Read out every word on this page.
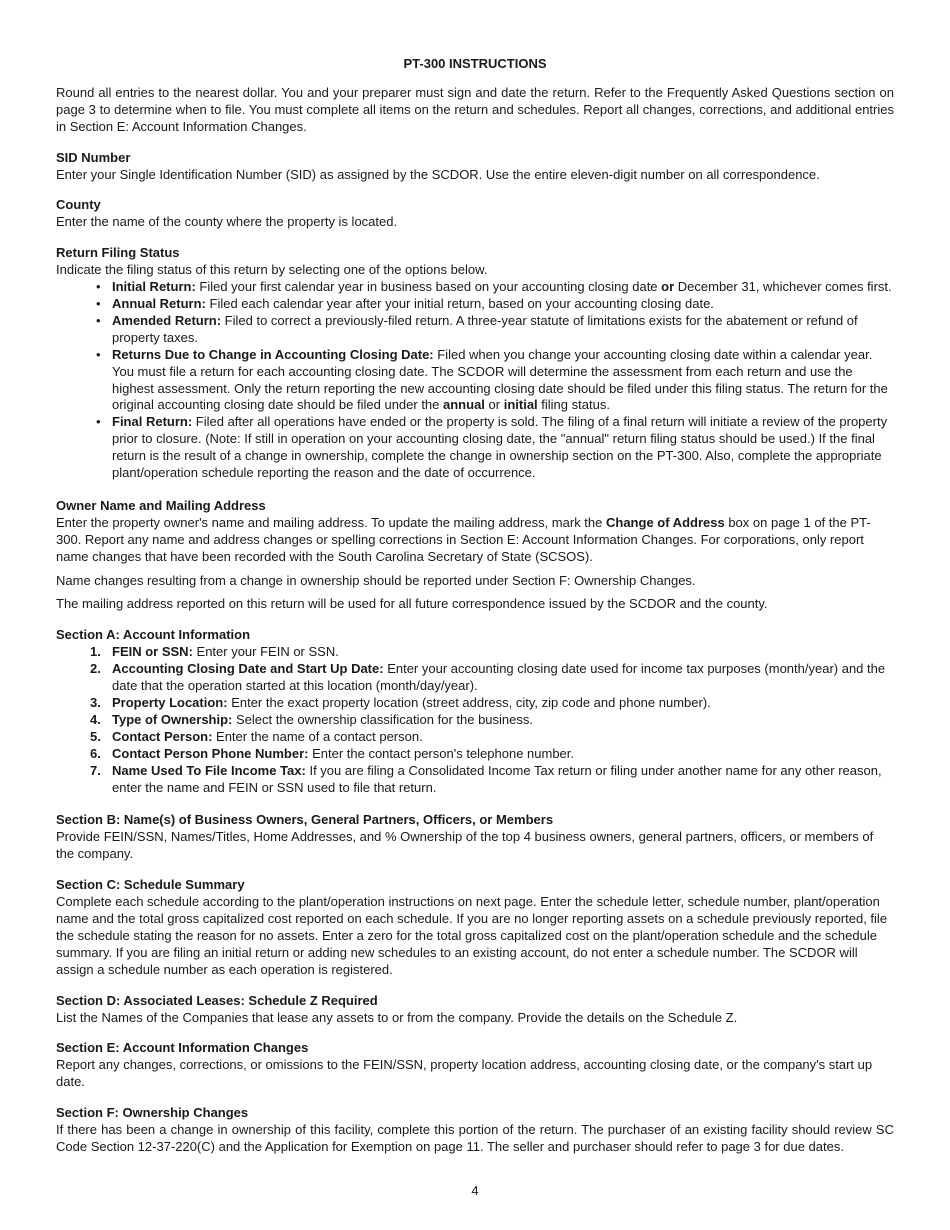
PT-300 INSTRUCTIONS

Round all entries to the nearest dollar. You and your preparer must sign and date the return. Refer to the Frequently Asked Questions section on page 3 to determine when to file. You must complete all items on the return and schedules. Report all changes, corrections, and additional entries in Section E: Account Information Changes.

SID Number

Enter your Single Identification Number (SID) as assigned by the SCDOR. Use the entire eleven-digit number on all correspondence.

County

Enter the name of the county where the property is located.

Return Filing Status

Indicate the filing status of this return by selecting one of the options below.

• Initial Return: Filed your first calendar year in business based on your accounting closing date or December 31, whichever comes first.
• Annual Return: Filed each calendar year after your initial return, based on your accounting closing date.
• Amended Return: Filed to correct a previously-filed return. A three-year statute of limitations exists for the abatement or refund of property taxes.
• Returns Due to Change in Accounting Closing Date: Filed when you change your accounting closing date within a calendar year. You must file a return for each accounting closing date. The SCDOR will determine the assessment from each return and use the highest assessment. Only the return reporting the new accounting closing date should be filed under this filing status. The return for the original accounting closing date should be filed under the annual or initial filing status.
• Final Return: Filed after all operations have ended or the property is sold. The filing of a final return will initiate a review of the property prior to closure. (Note: If still in operation on your accounting closing date, the "annual" return filing status should be used.) If the final return is the result of a change in ownership, complete the change in ownership section on the PT-300. Also, complete the appropriate plant/operation schedule reporting the reason and the date of occurrence.

Owner Name and Mailing Address

Enter the property owner's name and mailing address. To update the mailing address, mark the Change of Address box on page 1 of the PT-300. Report any name and address changes or spelling corrections in Section E: Account Information Changes. For corporations, only report name changes that have been recorded with the South Carolina Secretary of State (SCSOS).

Name changes resulting from a change in ownership should be reported under Section F: Ownership Changes.

The mailing address reported on this return will be used for all future correspondence issued by the SCDOR and the county.

Section A: Account Information

1. FEIN or SSN: Enter your FEIN or SSN.
2. Accounting Closing Date and Start Up Date: Enter your accounting closing date used for income tax purposes (month/year) and the date that the operation started at this location (month/day/year).
3. Property Location: Enter the exact property location (street address, city, zip code and phone number).
4. Type of Ownership: Select the ownership classification for the business.
5. Contact Person: Enter the name of a contact person.
6. Contact Person Phone Number: Enter the contact person's telephone number.
7. Name Used To File Income Tax: If you are filing a Consolidated Income Tax return or filing under another name for any other reason, enter the name and FEIN or SSN used to file that return.

Section B: Name(s) of Business Owners, General Partners, Officers, or Members

Provide FEIN/SSN, Names/Titles, Home Addresses, and % Ownership of the top 4 business owners, general partners, officers, or members of the company.

Section C: Schedule Summary

Complete each schedule according to the plant/operation instructions on next page. Enter the schedule letter, schedule number, plant/operation name and the total gross capitalized cost reported on each schedule. If you are no longer reporting assets on a schedule previously reported, file the schedule stating the reason for no assets. Enter a zero for the total gross capitalized cost on the plant/operation schedule and the schedule summary. If you are filing an initial return or adding new schedules to an existing account, do not enter a schedule number. The SCDOR will assign a schedule number as each operation is registered.

Section D: Associated Leases: Schedule Z Required

List the Names of the Companies that lease any assets to or from the company. Provide the details on the Schedule Z.

Section E: Account Information Changes

Report any changes, corrections, or omissions to the FEIN/SSN, property location address, accounting closing date, or the company's start up date.

Section F: Ownership Changes

If there has been a change in ownership of this facility, complete this portion of the return. The purchaser of an existing facility should review SC Code Section 12-37-220(C) and the Application for Exemption on page 11. The seller and purchaser should refer to page 3 for due dates.

4
